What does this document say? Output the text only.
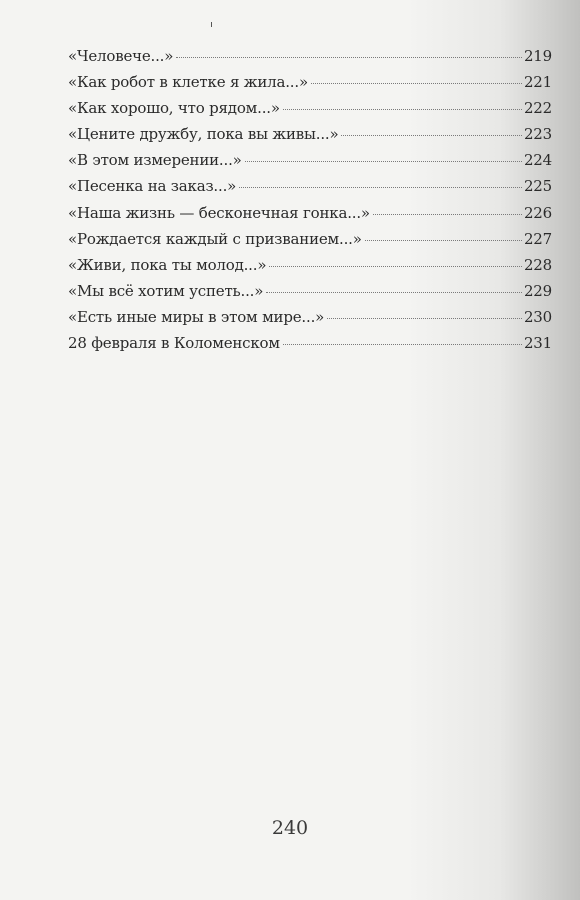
«Человече...»	219
«Как робот в клетке я жила...»	221
«Как хорошо, что рядом...»	222
«Цените дружбу, пока вы живы...»	223
«В этом измерении...»	224
«Песенка на заказ...»	225
«Наша жизнь — бесконечная гонка...»	226
«Рождается каждый с призванием...»	227
«Живи, пока ты молод...»	228
«Мы всё хотим успеть...»	229
«Есть иные миры в этом мире...»	230
28 февраля в Коломенском	231
240
